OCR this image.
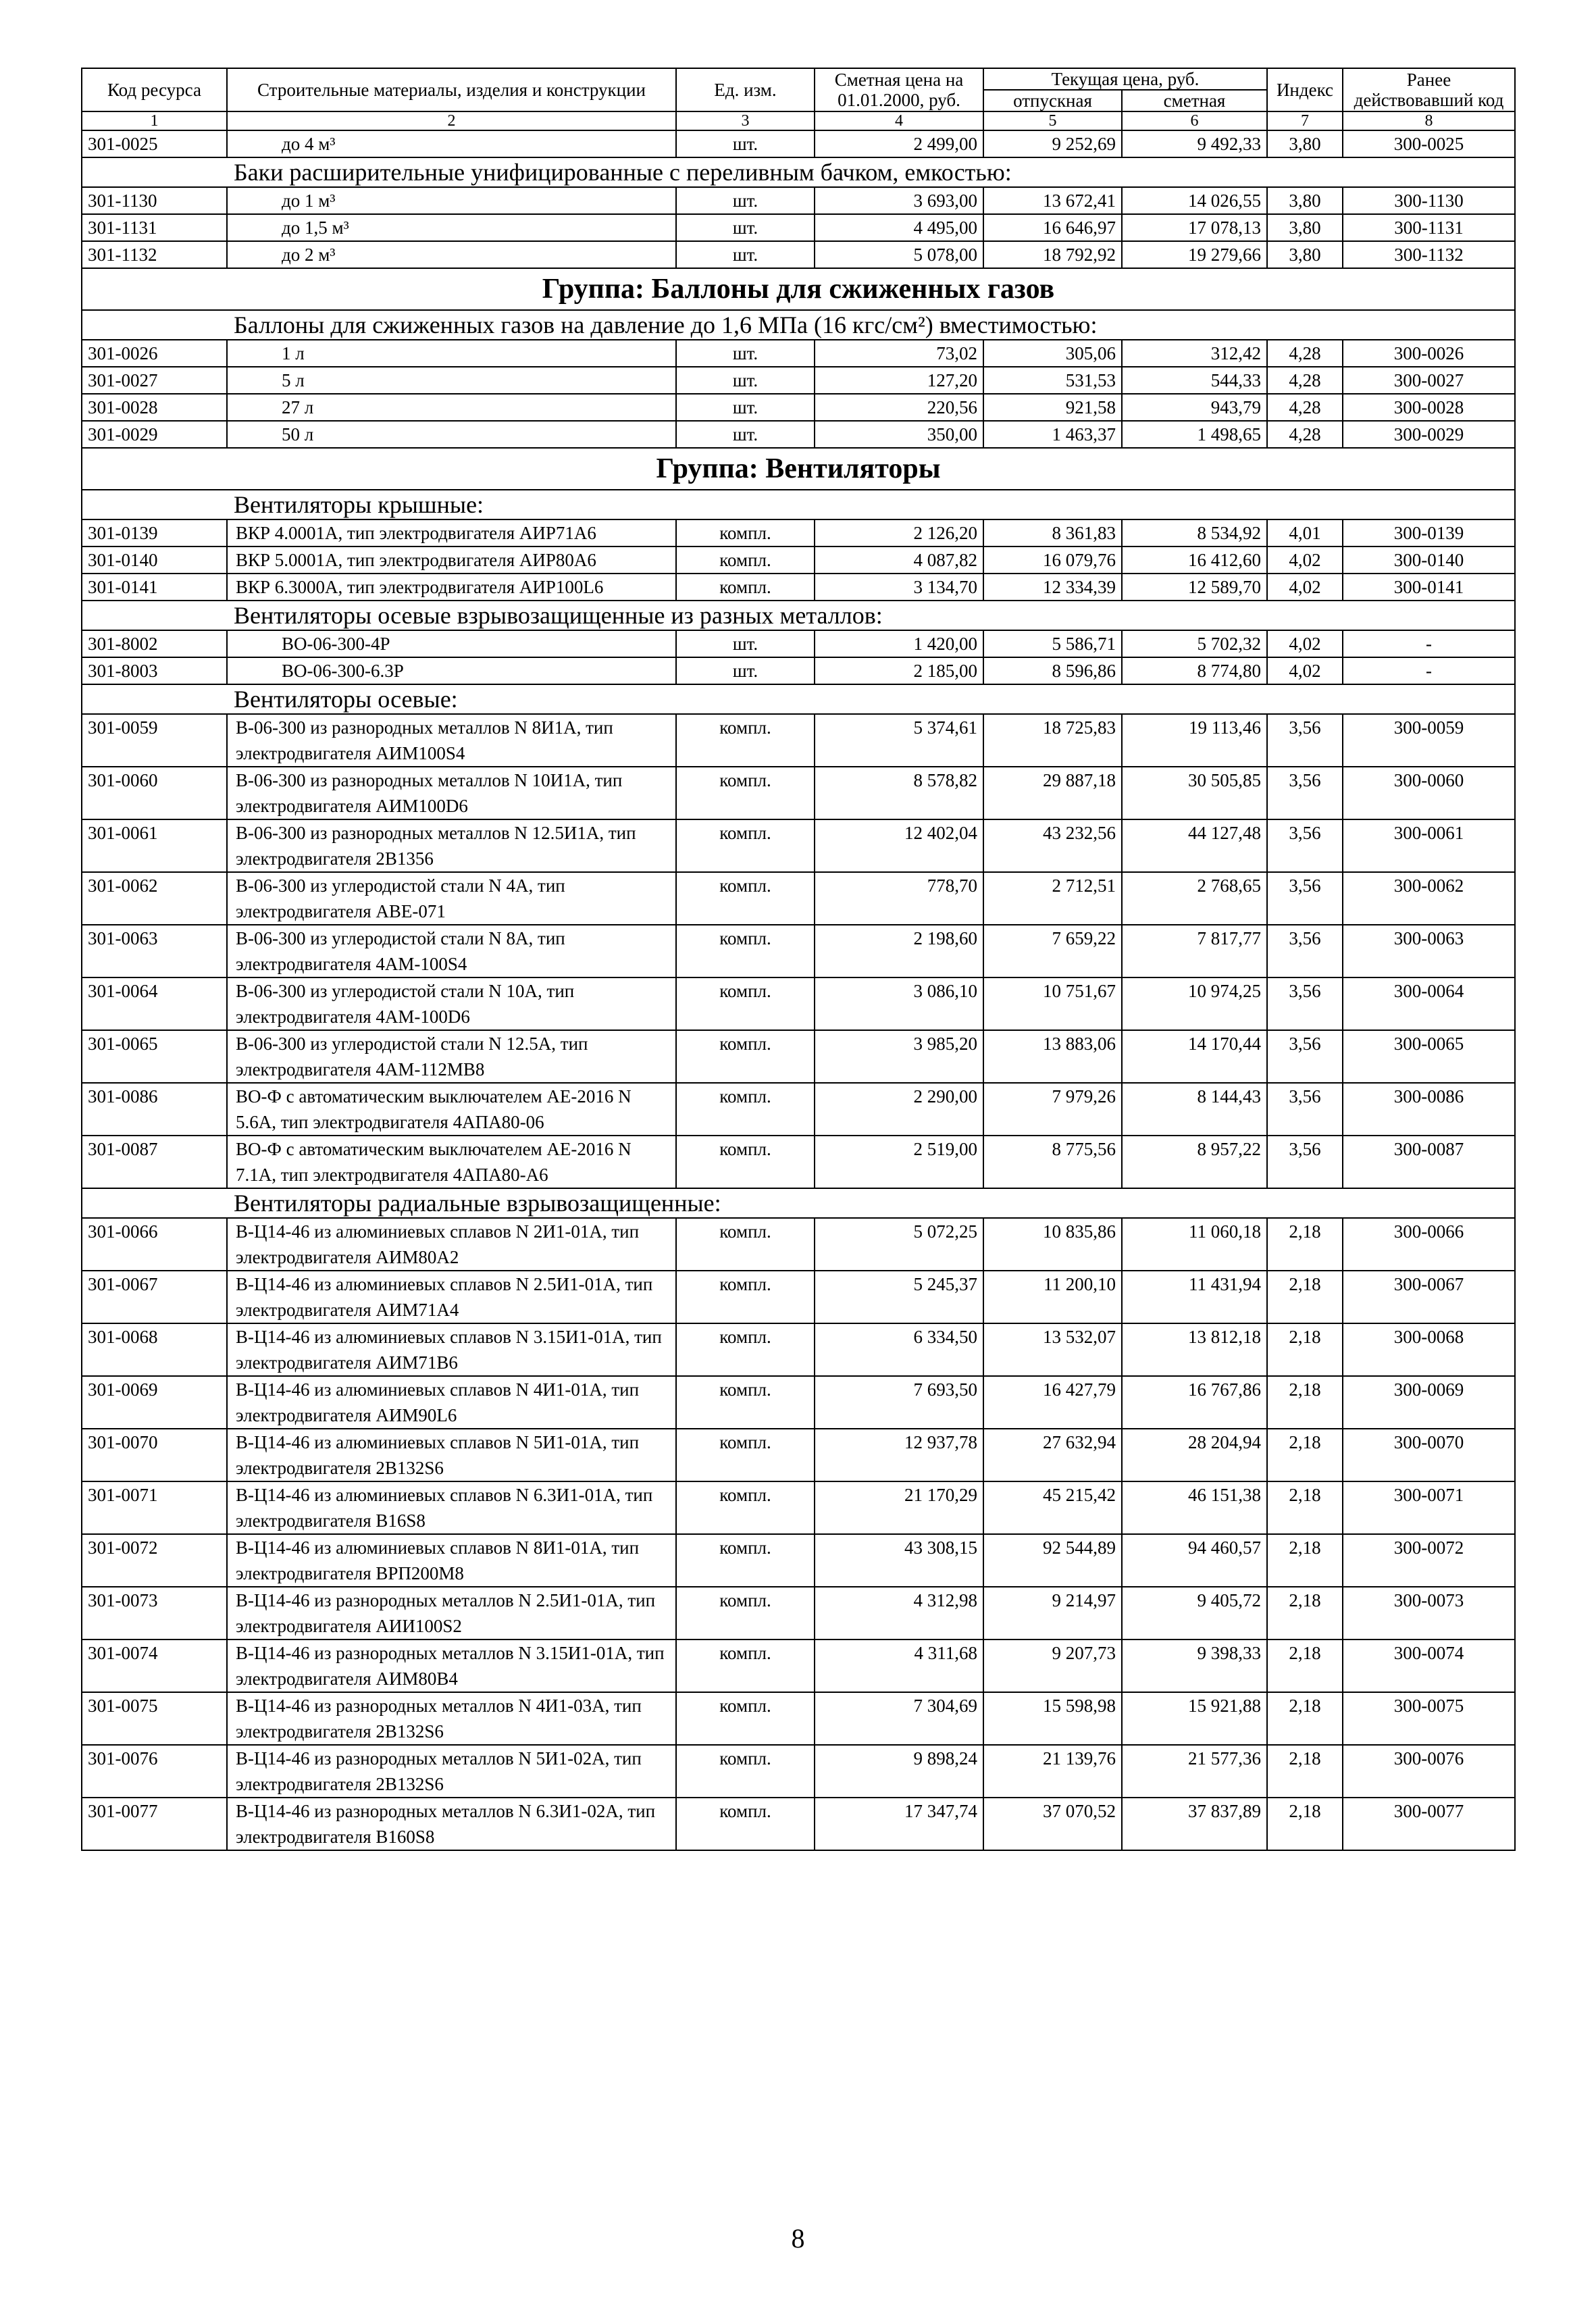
Код ресурса	Строительные материалы, изделия и конструкции	Ед. изм.	Сметная цена на 01.01.2000, руб.	Текущая цена, руб.		Индекс	Ранее действовавший код
				отпускная	сметная		
1	2	3	4	5	6	7	8
301-0025	до 4 м³	шт.	2 499,00	9 252,69	9 492,33	3,80	300-0025
	Баки расширительные унифицированные с переливным бачком, емкостью:						
301-1130	до 1 м³	шт.	3 693,00	13 672,41	14 026,55	3,80	300-1130
301-1131	до 1,5 м³	шт.	4 495,00	16 646,97	17 078,13	3,80	300-1131
301-1132	до 2 м³	шт.	5 078,00	18 792,92	19 279,66	3,80	300-1132
Группа: Баллоны для сжиженных газов							
	Баллоны для сжиженных газов на давление до 1,6 МПа (16 кгс/см²) вместимостью:						
301-0026	1 л	шт.	73,02	305,06	312,42	4,28	300-0026
301-0027	5 л	шт.	127,20	531,53	544,33	4,28	300-0027
301-0028	27 л	шт.	220,56	921,58	943,79	4,28	300-0028
301-0029	50 л	шт.	350,00	1 463,37	1 498,65	4,28	300-0029
Группа: Вентиляторы							
	Вентиляторы крышные:						
301-0139	ВКР 4.0001А, тип электродвигателя АИР71А6	компл.	2 126,20	8 361,83	8 534,92	4,01	300-0139
301-0140	ВКР 5.0001А, тип электродвигателя АИР80А6	компл.	4 087,82	16 079,76	16 412,60	4,02	300-0140
301-0141	ВКР 6.3000А, тип электродвигателя АИР100L6	компл.	3 134,70	12 334,39	12 589,70	4,02	300-0141
	Вентиляторы осевые взрывозащищенные из разных металлов:						
301-8002	ВО-06-300-4Р	шт.	1 420,00	5 586,71	5 702,32	4,02	-
301-8003	ВО-06-300-6.3Р	шт.	2 185,00	8 596,86	8 774,80	4,02	-
	Вентиляторы осевые:						
301-0059	В-06-300 из разнородных металлов N 8И1А, тип электродвигателя АИМ100S4	компл.	5 374,61	18 725,83	19 113,46	3,56	300-0059
301-0060	В-06-300 из разнородных металлов N 10И1А, тип электродвигателя АИМ100D6	компл.	8 578,82	29 887,18	30 505,85	3,56	300-0060
301-0061	В-06-300 из разнородных металлов N 12.5И1А, тип электродвигателя 2В1356	компл.	12 402,04	43 232,56	44 127,48	3,56	300-0061
301-0062	В-06-300 из углеродистой стали N 4А, тип электродвигателя АВЕ-071	компл.	778,70	2 712,51	2 768,65	3,56	300-0062
301-0063	В-06-300 из углеродистой стали N 8А, тип электродвигателя 4АМ-100S4	компл.	2 198,60	7 659,22	7 817,77	3,56	300-0063
301-0064	В-06-300 из углеродистой стали N 10А, тип электродвигателя 4АМ-100D6	компл.	3 086,10	10 751,67	10 974,25	3,56	300-0064
301-0065	В-06-300 из углеродистой стали N 12.5А, тип электродвигателя 4АМ-112МВ8	компл.	3 985,20	13 883,06	14 170,44	3,56	300-0065
301-0086	ВО-Ф с автоматическим выключателем АЕ-2016 N 5.6А, тип электродвигателя 4АПА80-06	компл.	2 290,00	7 979,26	8 144,43	3,56	300-0086
301-0087	ВО-Ф с автоматическим выключателем АЕ-2016 N 7.1А, тип электродвигателя 4АПА80-А6	компл.	2 519,00	8 775,56	8 957,22	3,56	300-0087
	Вентиляторы радиальные взрывозащищенные:						
301-0066	В-Ц14-46 из алюминиевых сплавов N 2И1-01А, тип электродвигателя АИМ80А2	компл.	5 072,25	10 835,86	11 060,18	2,18	300-0066
301-0067	В-Ц14-46 из алюминиевых сплавов N 2.5И1-01А, тип электродвигателя АИМ71А4	компл.	5 245,37	11 200,10	11 431,94	2,18	300-0067
301-0068	В-Ц14-46 из алюминиевых сплавов N 3.15И1-01А, тип электродвигателя АИМ71В6	компл.	6 334,50	13 532,07	13 812,18	2,18	300-0068
301-0069	В-Ц14-46 из алюминиевых сплавов N 4И1-01А, тип электродвигателя АИМ90L6	компл.	7 693,50	16 427,79	16 767,86	2,18	300-0069
301-0070	В-Ц14-46 из алюминиевых сплавов N 5И1-01А, тип электродвигателя 2В132S6	компл.	12 937,78	27 632,94	28 204,94	2,18	300-0070
301-0071	В-Ц14-46 из алюминиевых сплавов N 6.3И1-01А, тип электродвигателя В16S8	компл.	21 170,29	45 215,42	46 151,38	2,18	300-0071
301-0072	В-Ц14-46 из алюминиевых сплавов N 8И1-01А, тип электродвигателя ВРП200М8	компл.	43 308,15	92 544,89	94 460,57	2,18	300-0072
301-0073	В-Ц14-46 из разнородных металлов N 2.5И1-01А, тип электродвигателя АИИ100S2	компл.	4 312,98	9 214,97	9 405,72	2,18	300-0073
301-0074	В-Ц14-46 из разнородных металлов N 3.15И1-01А, тип электродвигателя АИМ80В4	компл.	4 311,68	9 207,73	9 398,33	2,18	300-0074
301-0075	В-Ц14-46 из разнородных металлов N 4И1-03А, тип электродвигателя 2В132S6	компл.	7 304,69	15 598,98	15 921,88	2,18	300-0075
301-0076	В-Ц14-46 из разнородных металлов N 5И1-02А, тип электродвигателя 2В132S6	компл.	9 898,24	21 139,76	21 577,36	2,18	300-0076
301-0077	В-Ц14-46 из разнородных металлов N 6.3И1-02А, тип электродвигателя В160S8	компл.	17 347,74	37 070,52	37 837,89	2,18	300-0077
8
